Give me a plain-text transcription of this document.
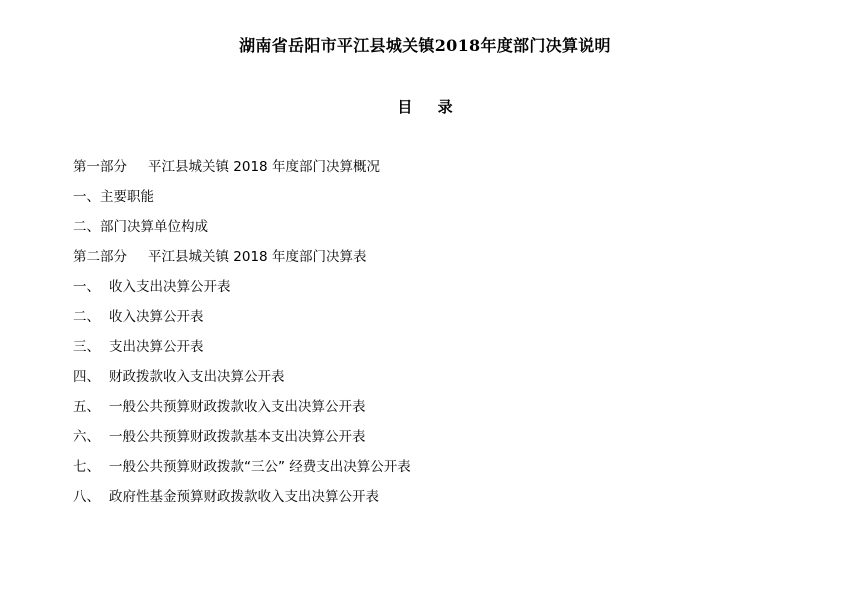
湖南省岳阳市平江县城关镇2018年度部门决算说明
目 录
第一部分 平江县城关镇 2018 年度部门决算概况
一、主要职能
二、部门决算单位构成
第二部分 平江县城关镇 2018 年度部门决算表
一、 收入支出决算公开表
二、 收入决算公开表
三、 支出决算公开表
四、 财政拨款收入支出决算公开表
五、 一般公共预算财政拨款收入支出决算公开表
六、 一般公共预算财政拨款基本支出决算公开表
七、 一般公共预算财政拨款“三公” 经费支出决算公开表
八、 政府性基金预算财政拨款收入支出决算公开表
